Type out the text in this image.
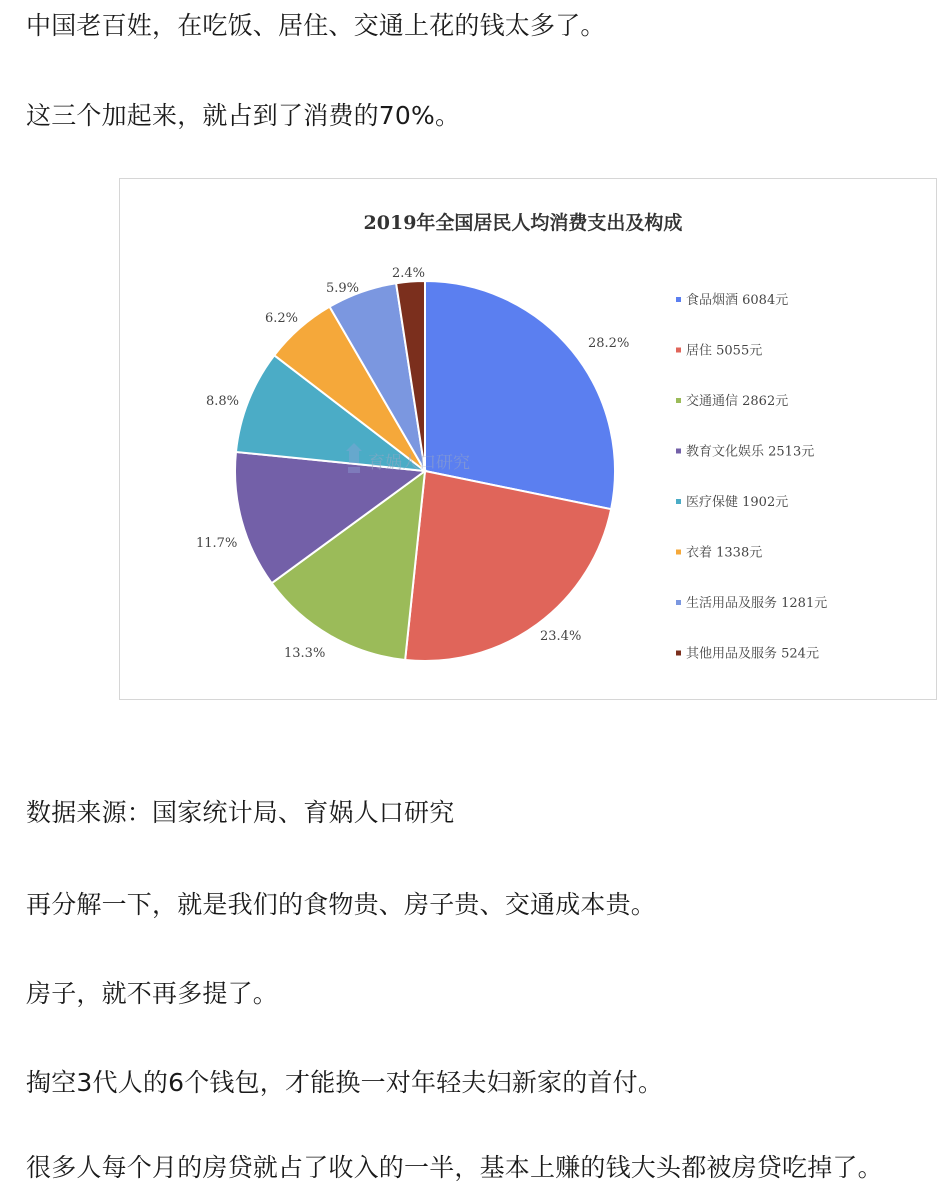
中国老百姓，在吃饭、居住、交通上花的钱太多了。

这三个加起来，就占到了消费的70%。

2019年全国居民人均消费支出及构成
28.2%
23.4%
13.3%
11.7%
8.8%
6.2%
5.9%
2.4%
育娲人口研究
食品烟酒 6084元
居住 5055元
交通通信 2862元
教育文化娱乐 2513元
医疗保健 1902元
衣着 1338元
生活用品及服务 1281元
其他用品及服务 524元

数据来源：国家统计局、育娲人口研究

再分解一下，就是我们的食物贵、房子贵、交通成本贵。

房子，就不再多提了。

掏空3代人的6个钱包，才能换一对年轻夫妇新家的首付。

很多人每个月的房贷就占了收入的一半，基本上赚的钱大头都被房贷吃掉了。
